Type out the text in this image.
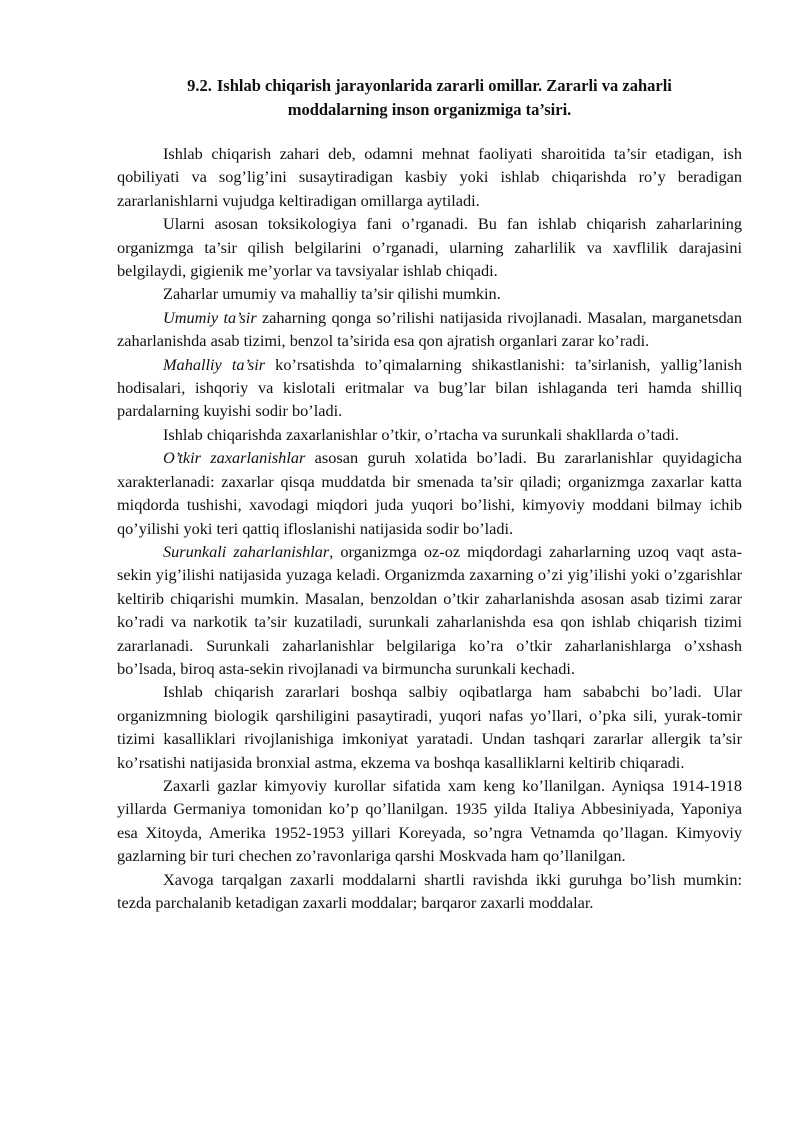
9.2. Ishlab chiqarish jarayonlarida zararli omillar. Zararli va zaharli
moddalarning inson organizmiga ta’siri.

Ishlab chiqarish zahari deb, odamni mehnat faoliyati sharoitida ta’sir etadigan, ish qobiliyati va sog’lig’ini susaytiradigan kasbiy yoki ishlab chiqarishda ro’y beradigan zararlanishlarni vujudga keltiradigan omillarga aytiladi.

Ularni asosan toksikologiya fani o’rganadi. Bu fan ishlab chiqarish zaharlarining organizmga ta’sir qilish belgilarini o’rganadi, ularning zaharlilik va xavflilik darajasini belgilaydi, gigienik me’yorlar va tavsiyalar ishlab chiqadi.

Zaharlar umumiy va mahalliy ta’sir qilishi mumkin.

Umumiy ta’sir zaharning qonga so’rilishi natijasida rivojlanadi. Masalan, marganetsdan zaharlanishda asab tizimi, benzol ta’sirida esa qon ajratish organlari zarar ko’radi.

Mahalliy ta’sir ko’rsatishda to’qimalarning shikastlanishi: ta’sirlanish, yallig’lanish hodisalari, ishqoriy va kislotali eritmalar va bug’lar bilan ishlaganda teri hamda shilliq pardalarning kuyishi sodir bo’ladi.

Ishlab chiqarishda zaxarlanishlar o’tkir, o’rtacha va surunkali shakllarda o’tadi.

O’tkir zaxarlanishlar asosan guruh xolatida bo’ladi. Bu zararlanishlar quyidagicha xarakterlanadi: zaxarlar qisqa muddatda bir smenada ta’sir qiladi; organizmga zaxarlar katta miqdorda tushishi, xavodagi miqdori juda yuqori bo’lishi, kimyoviy moddani bilmay ichib qo’yilishi yoki teri qattiq ifloslanishi natijasida sodir bo’ladi.

Surunkali zaharlanishlar, organizmga oz-oz miqdordagi zaharlarning uzoq vaqt asta-sekin yig’ilishi natijasida yuzaga keladi. Organizmda zaxarning o’zi yig’ilishi yoki o’zgarishlar keltirib chiqarishi mumkin. Masalan, benzoldan o’tkir zaharlanishda asosan asab tizimi zarar ko’radi va narkotik ta’sir kuzatiladi, surunkali zaharlanishda esa qon ishlab chiqarish tizimi zararlanadi. Surunkali zaharlanishlar belgilariga ko’ra o’tkir zaharlanishlarga o’xshash bo’lsada, biroq asta-sekin rivojlanadi va birmuncha surunkali kechadi.

Ishlab chiqarish zararlari boshqa salbiy oqibatlarga ham sababchi bo’ladi. Ular organizmning biologik qarshiligini pasaytiradi, yuqori nafas yo’llari, o’pka sili, yurak-tomir tizimi kasalliklari rivojlanishiga imkoniyat yaratadi. Undan tashqari zararlar allergik ta’sir ko’rsatishi natijasida bronxial astma, ekzema va boshqa kasalliklarni keltirib chiqaradi.

Zaxarli gazlar kimyoviy kurollar sifatida xam keng ko’llanilgan. Ayniqsa 1914-1918 yillarda Germaniya tomonidan ko’p qo’llanilgan. 1935 yilda Italiya Abbesiniyada, Yaponiya esa Xitoyda, Amerika 1952-1953 yillari Koreyada, so’ngra Vetnamda qo’llagan. Kimyoviy gazlarning bir turi chechen zo’ravonlariga qarshi Moskvada ham qo’llanilgan.

Xavoga tarqalgan zaxarli moddalarni shartli ravishda ikki guruhga bo’lish mumkin: tezda parchalanib ketadigan zaxarli moddalar; barqaror zaxarli moddalar.
